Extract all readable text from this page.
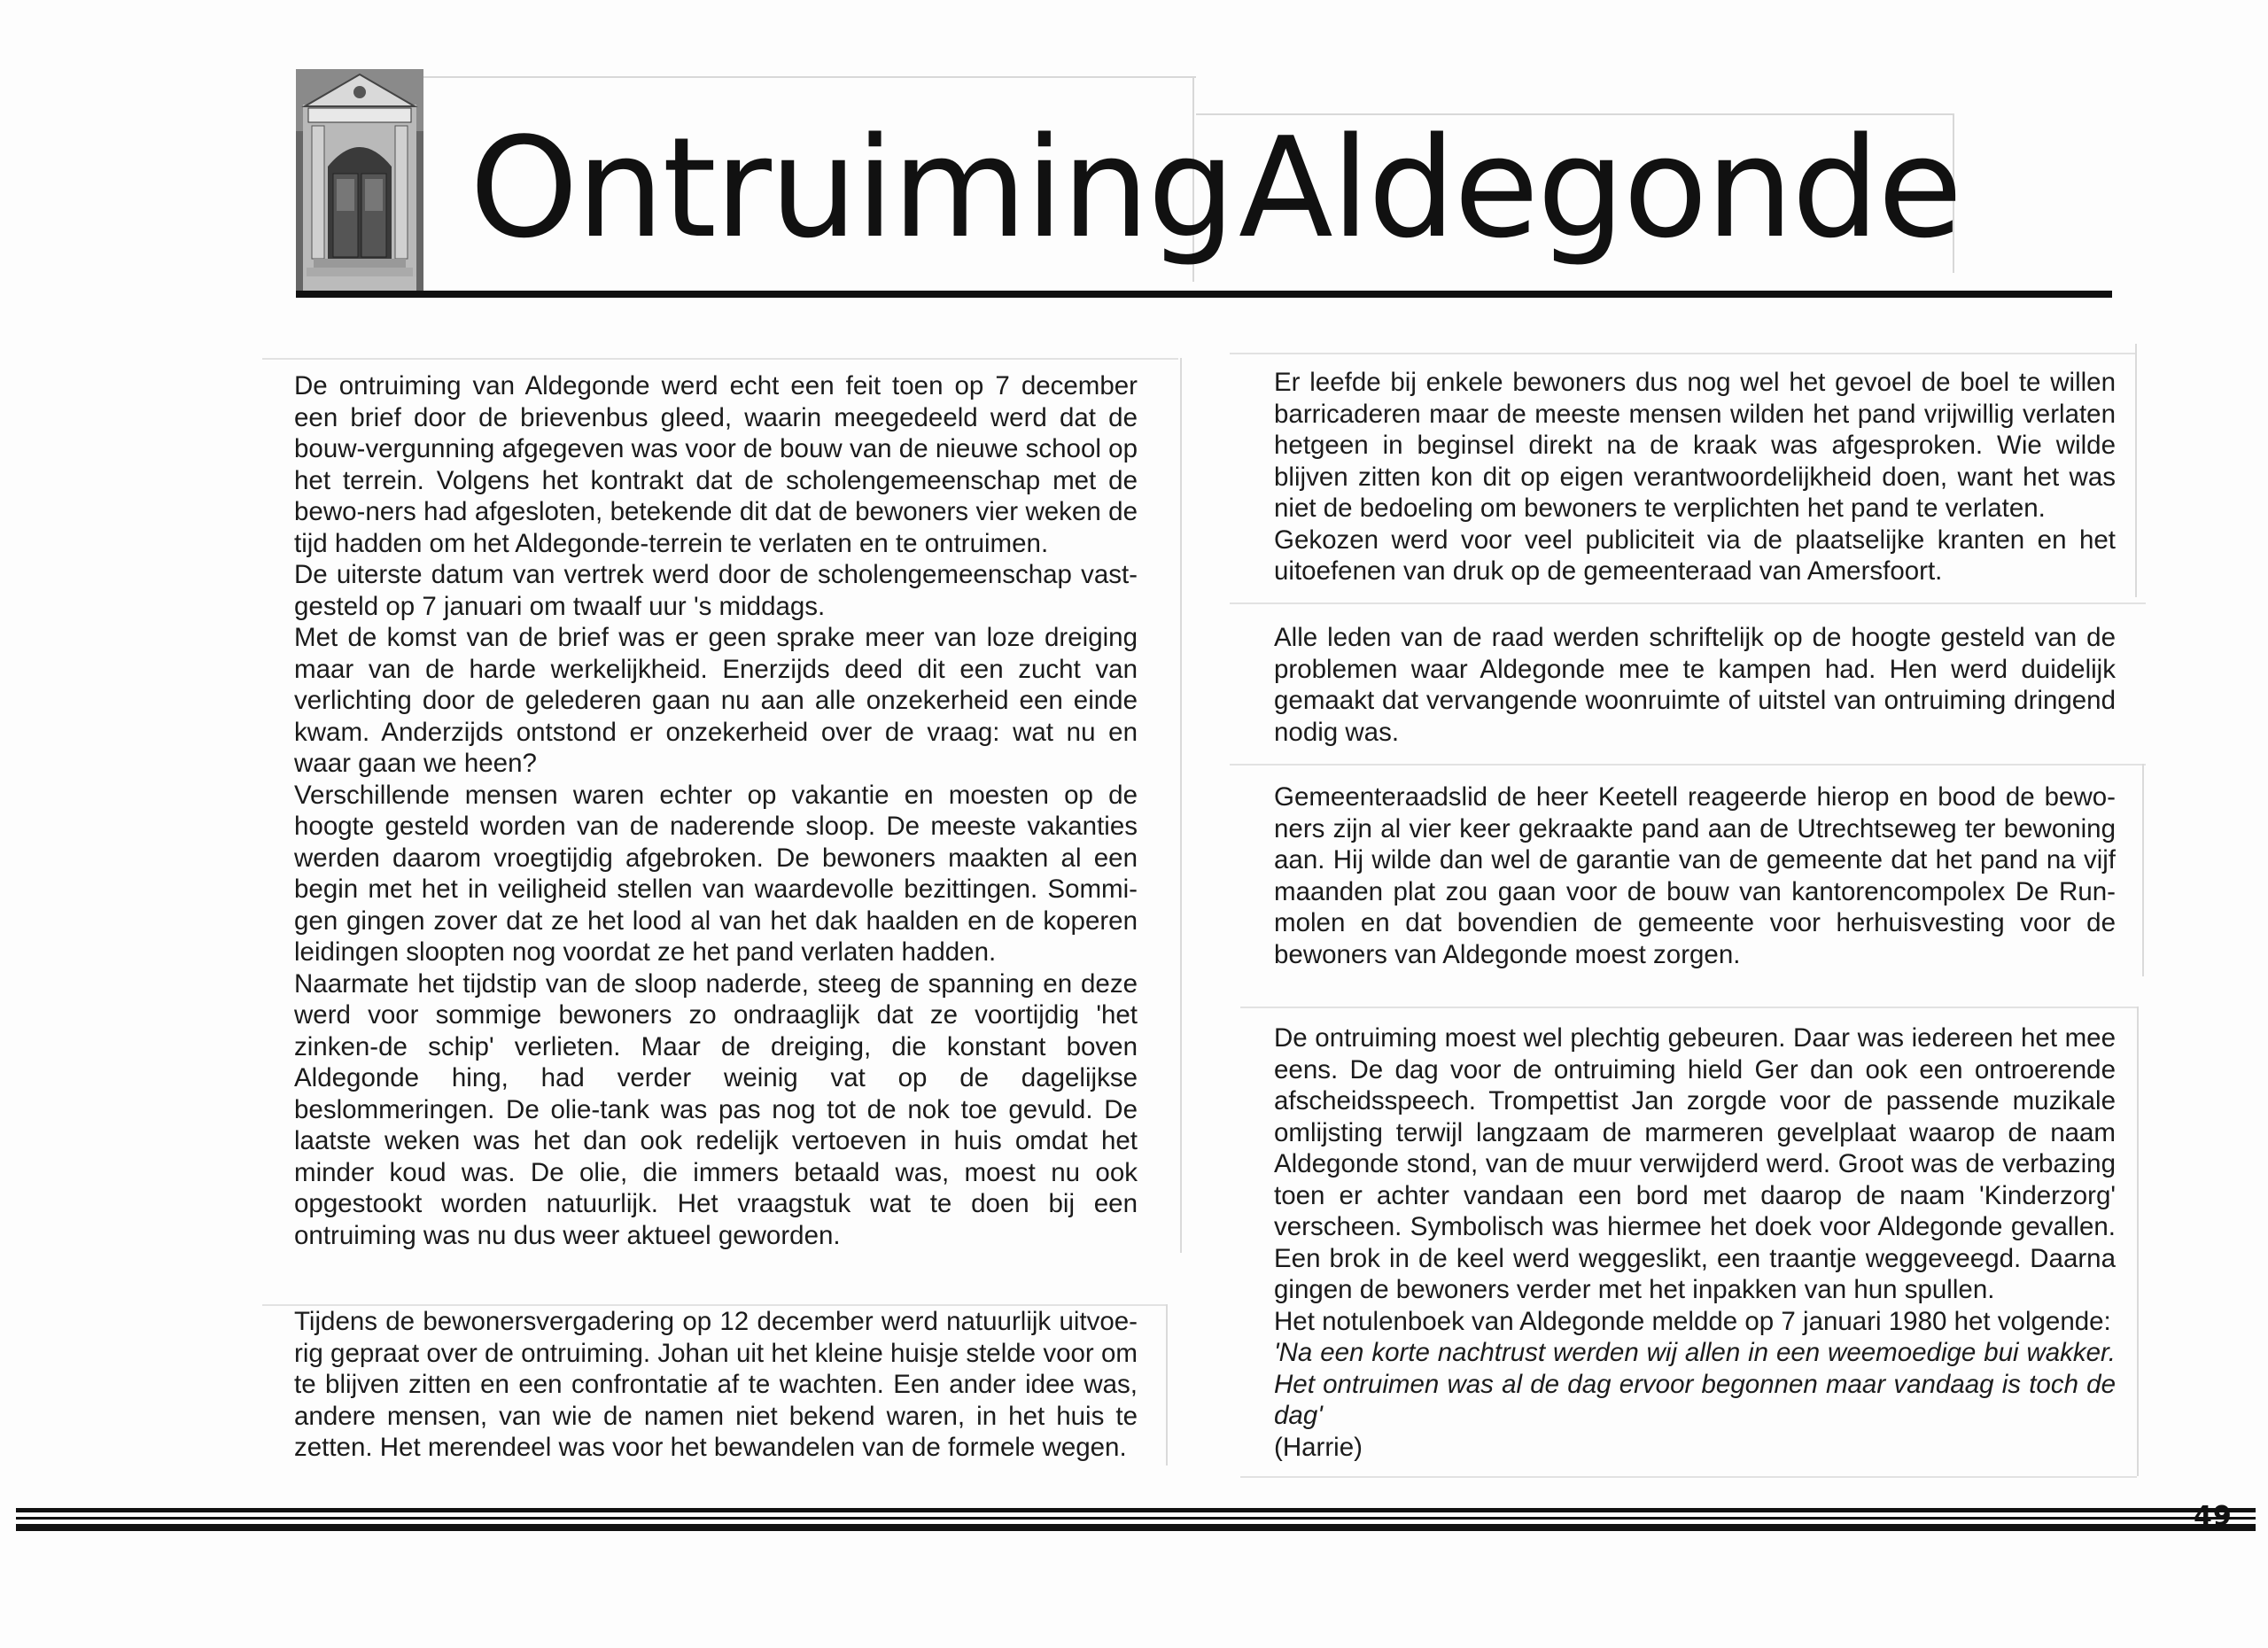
Ontruiming Aldegonde
De ontruiming van Aldegonde werd echt een feit toen op 7 december een brief door de brievenbus gleed, waarin meegedeeld werd dat de bouw-vergunning afgegeven was voor de bouw van de nieuwe school op het terrein. Volgens het kontrakt dat de scholengemeenschap met de bewo-ners had afgesloten, betekende dit dat de bewoners vier weken de tijd hadden om het Aldegonde-terrein te verlaten en te ontruimen.
De uiterste datum van vertrek werd door de scholengemeenschap vast-gesteld op 7 januari om twaalf uur 's middags.
Met de komst van de brief was er geen sprake meer van loze dreiging maar van de harde werkelijkheid. Enerzijds deed dit een zucht van verlichting door de gelederen gaan nu aan alle onzekerheid een einde kwam. Anderzijds ontstond er onzekerheid over de vraag: wat nu en waar gaan we heen?
Verschillende mensen waren echter op vakantie en moesten op de hoogte gesteld worden van de naderende sloop. De meeste vakanties werden daarom vroegtijdig afgebroken. De bewoners maakten al een begin met het in veiligheid stellen van waardevolle bezittingen. Sommi-gen gingen zover dat ze het lood al van het dak haalden en de koperen leidingen sloopten nog voordat ze het pand verlaten hadden.
Naarmate het tijdstip van de sloop naderde, steeg de spanning en deze werd voor sommige bewoners zo ondraaglijk dat ze voortijdig 'het zinken-de schip' verlieten. Maar de dreiging, die konstant boven Aldegonde hing, had verder weinig vat op de dagelijkse beslommeringen. De olie-tank was pas nog tot de nok toe gevuld. De laatste weken was het dan ook redelijk vertoeven in huis omdat het minder koud was. De olie, die immers betaald was, moest nu ook opgestookt worden natuurlijk. Het vraagstuk wat te doen bij een ontruiming was nu dus weer aktueel geworden.
Tijdens de bewonersvergadering op 12 december werd natuurlijk uitvoe-rig gepraat over de ontruiming. Johan uit het kleine huisje stelde voor om te blijven zitten en een confrontatie af te wachten. Een ander idee was, andere mensen, van wie de namen niet bekend waren, in het huis te zetten. Het merendeel was voor het bewandelen van de formele wegen.
Er leefde bij enkele bewoners dus nog wel het gevoel de boel te willen barricaderen maar de meeste mensen wilden het pand vrijwillig verlaten hetgeen in beginsel direkt na de kraak was afgesproken. Wie wilde blijven zitten kon dit op eigen verantwoordelijkheid doen, want het was niet de bedoeling om bewoners te verplichten het pand te verlaten.
Gekozen werd voor veel publiciteit via de plaatselijke kranten en het uitoefenen van druk op de gemeenteraad van Amersfoort.
Alle leden van de raad werden schriftelijk op de hoogte gesteld van de problemen waar Aldegonde mee te kampen had. Hen werd duidelijk gemaakt dat vervangende woonruimte of uitstel van ontruiming dringend nodig was.
Gemeenteraadslid de heer Keetell reageerde hierop en bood de bewo-ners zijn al vier keer gekraakte pand aan de Utrechtseweg ter bewoning aan. Hij wilde dan wel de garantie van de gemeente dat het pand na vijf maanden plat zou gaan voor de bouw van kantorencompolex De Run-molen en dat bovendien de gemeente voor herhuisvesting voor de bewoners van Aldegonde moest zorgen.
De ontruiming moest wel plechtig gebeuren. Daar was iedereen het mee eens. De dag voor de ontruiming hield Ger dan ook een ontroerende afscheidsspeech. Trompettist Jan zorgde voor de passende muzikale omlijsting terwijl langzaam de marmeren gevelplaat waarop de naam Aldegonde stond, van de muur verwijderd werd. Groot was de verbazing toen er achter vandaan een bord met daarop de naam 'Kinderzorg' verscheen. Symbolisch was hiermee het doek voor Aldegonde gevallen. Een brok in de keel werd weggeslikt, een traantje weggeveegd. Daarna gingen de bewoners verder met het inpakken van hun spullen.
Het notulenboek van Aldegonde meldde op 7 januari 1980 het volgende:
'Na een korte nachtrust werden wij allen in een weemoedige bui wakker. Het ontruimen was al de dag ervoor begonnen maar vandaag is toch de dag'
(Harrie)
49
